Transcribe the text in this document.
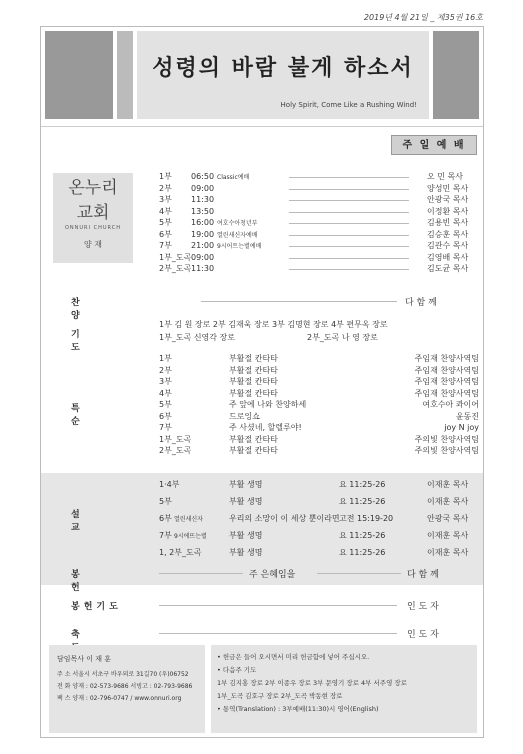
2019년 4월 21일 _ 제35권 16호
성령의 바람 불게 하소서
Holy Spirit, Come Like a Rushing Wind!
주 일 예 배
온누리
교회
ONNURI CHURCH
양 재
1부 06:50 Classic예배	오 민 목사
2부 09:00	양성민 목사
3부 11:30	안광국 목사
4부 13:50	이정환 목사
5부 16:00 여호수아청년부	김용빈 목사
6부 19:00 열린새신자예배	김승훈 목사
7부 21:00 9시어트는별예배	김관수 목사
1부_도곡 09:00	김영배 목사
2부_도곡 11:30	김도균 목사
찬 양
다 함 께
기 도
1부 김 원 장로 2부 김재욱 장로 3부 김명현 장로 4부 편무옥 장로
1부_도곡 신영각 장로	2부_도곡 나 영 장로
특 순
1부	부활절 칸타타	주임재 찬양사역팀
2부	부활절 칸타타	주임재 찬양사역팀
3부	부활절 칸타타	주임재 찬양사역팀
4부	부활절 칸타타	주임재 찬양사역팀
5부	주 앞에 나와 찬양하세	여호수아 콰이어
6부	드로잉쇼	윤동진
7부	주 사셨네, 할렐루야!	joy N joy
1부_도곡	부활절 칸타타	주의빛 찬양사역팀
2부_도곡	부활절 칸타타	주의빛 찬양사역팀
설 교
1·4부	부활 생명	요 11:25-26	이재훈 목사
5부	부활 생명	요 11:25-26	이재훈 목사
6부 열린새신자	우리의 소망이 이 세상 뿐이라면 고전 15:19-20	안광국 목사
7부 9시에뜨는별	부활 생명	요 11:25-26	이재훈 목사
1, 2부_도곡	부활 생명	요 11:25-26	이재훈 목사
봉 헌
주 은혜임을	다 함 께
봉헌기도	인 도 자
축	인 도 자
담임목사 이 재 훈
주 소 서울시 서초구 바우뫼로 31길70 (우)06752
전 화 양재 : 02-573-9686 서빙고 : 02-793-9686
팩 스 양재 : 02-796-0747 / www.onnuri.org
• 헌금은 들어 오시면서 미리 헌금함에 넣어 주십시오.
• 다음주 기도
1부 김지홍 장로 2부 이종우 장로 3부 문영기 장로 4부 서주영 장로
1부_도곡 김호구 장로 2부_도곡 박동현 장로
• 통역(Translation) : 3부예배(11:30)시 영어(English)
